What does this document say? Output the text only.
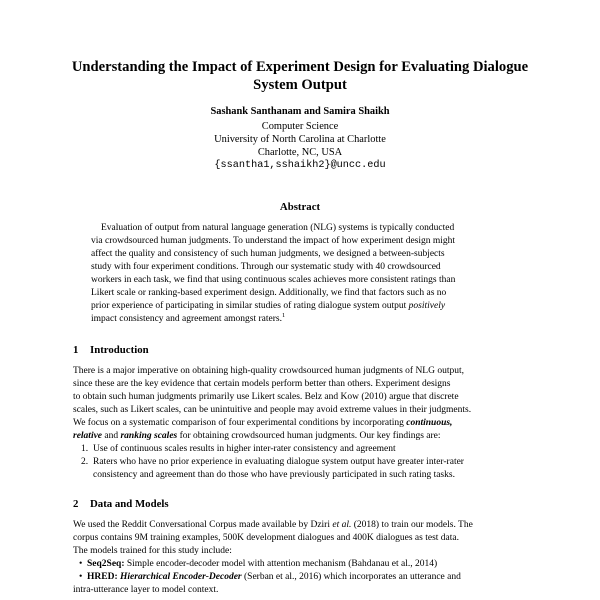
Understanding the Impact of Experiment Design for Evaluating Dialogue
System Output
Sashank Santhanam and Samira Shaikh
Computer Science
University of North Carolina at Charlotte
Charlotte, NC, USA
{ssantha1,sshaikh2}@uncc.edu
Abstract
Evaluation of output from natural language generation (NLG) systems is typically conducted
via crowdsourced human judgments. To understand the impact of how experiment design might
affect the quality and consistency of such human judgments, we designed a between-subjects
study with four experiment conditions. Through our systematic study with 40 crowdsourced
workers in each task, we find that using continuous scales achieves more consistent ratings than
Likert scale or ranking-based experiment design. Additionally, we find that factors such as no
prior experience of participating in similar studies of rating dialogue system output positively
impact consistency and agreement amongst raters.$^1$
1 Introduction
There is a major imperative on obtaining high-quality crowdsourced human judgments of NLG output,
since these are the key evidence that certain models perform better than others. Experiment designs
to obtain such human judgments primarily use Likert scales. Belz and Kow (2010) argue that discrete
scales, such as Likert scales, can be unintuitive and people may avoid extreme values in their judgments.
We focus on a systematic comparison of four experimental conditions by incorporating continuous,
relative and ranking scales for obtaining crowdsourced human judgments. Our key findings are:
1. Use of continuous scales results in higher inter-rater consistency and agreement
2. Raters who have no prior experience in evaluating dialogue system output have greater inter-rater
consistency and agreement than do those who have previously participated in such rating tasks.
2 Data and Models
We used the Reddit Conversational Corpus made available by Dziri et al. (2018) to train our models. The
corpus contains 9M training examples, 500K development dialogues and 400K dialogues as test data.
The models trained for this study include:
• Seq2Seq: Simple encoder-decoder model with attention mechanism (Bahdanau et al., 2014)
• HRED: Hierarchical Encoder-Decoder (Serban et al., 2016) which incorporates an utterance and
intra-utterance layer to model context.
